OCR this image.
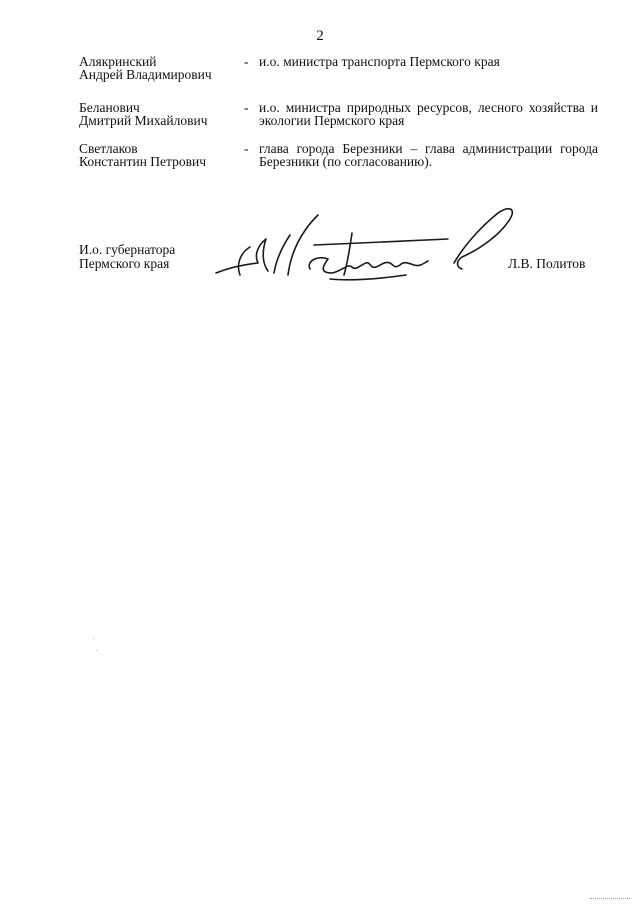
2
Алякринский
Андрей Владимирович
- и.о. министра транспорта Пермского края
Беланович
Дмитрий Михайлович
- и.о. министра природных ресурсов, лесного хозяйства и экологии Пермского края
Светлаков
Константин Петрович
- глава города Березники – глава администрации города Березники (по согласованию).
И.о. губернатора
Пермского края	Л.В. Политов
